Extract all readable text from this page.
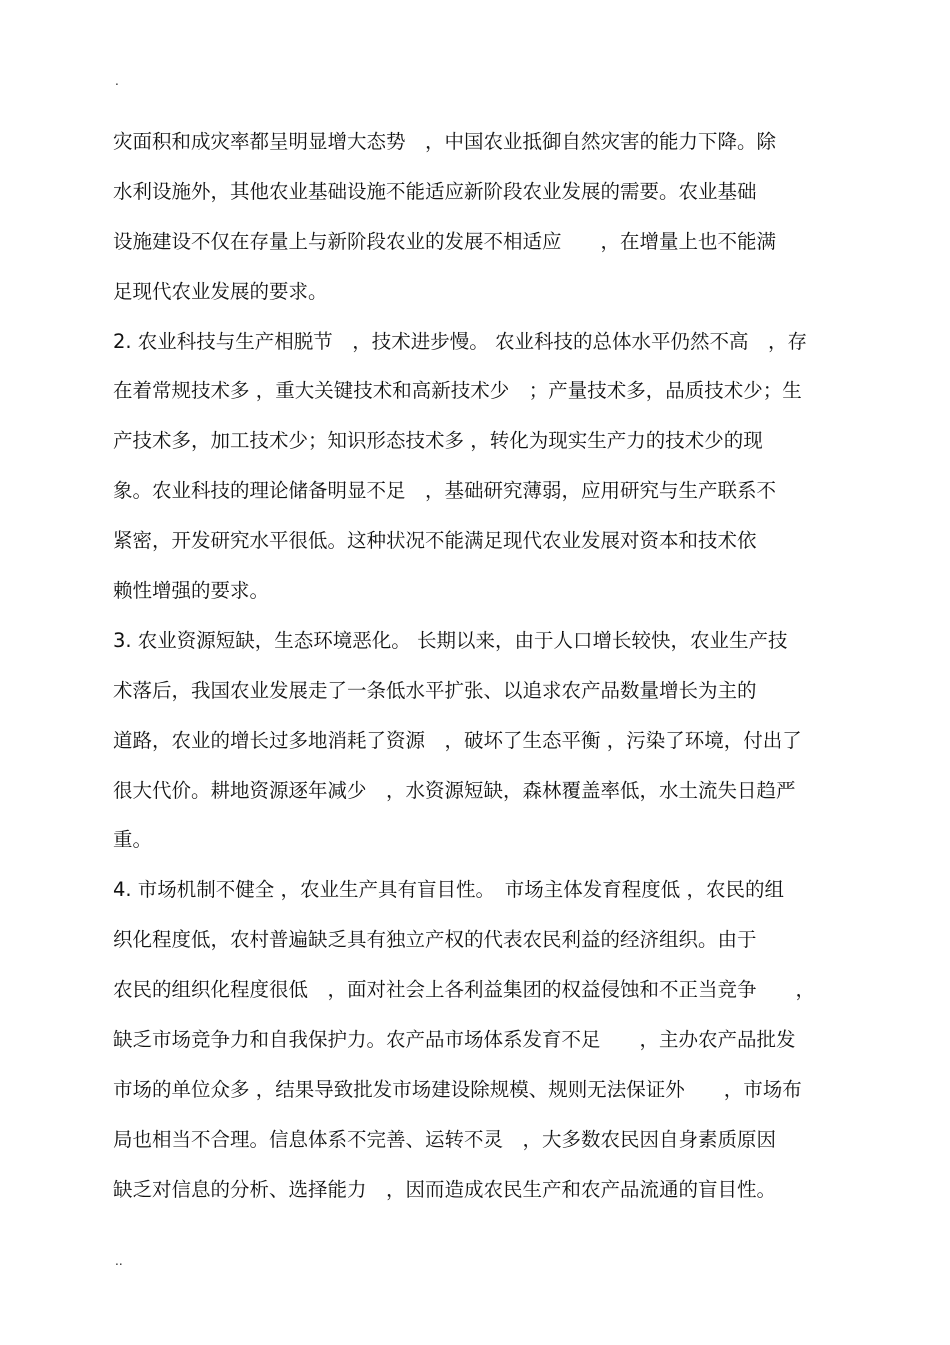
.

灾面积和成灾率都呈明显增大态势　，中国农业抵御自然灾害的能力下降。除

水利设施外，其他农业基础设施不能适应新阶段农业发展的需要。农业基础

设施建设不仅在存量上与新阶段农业的发展不相适应　　，在增量上也不能满

足现代农业发展的要求。

2. 农业科技与生产相脱节　，技术进步慢。 农业科技的总体水平仍然不高　，存

在着常规技术多 ，重大关键技术和高新技术少　；产量技术多，品质技术少；生

产技术多，加工技术少；知识形态技术多 ，转化为现实生产力的技术少的现

象。农业科技的理论储备明显不足　，基础研究薄弱，应用研究与生产联系不

紧密，开发研究水平很低。这种状况不能满足现代农业发展对资本和技术依

赖性增强的要求。

3. 农业资源短缺，生态环境恶化。 长期以来，由于人口增长较快，农业生产技

术落后，我国农业发展走了一条低水平扩张、以追求农产品数量增长为主的

道路，农业的增长过多地消耗了资源　，破坏了生态平衡 ，污染了环境，付出了

很大代价。耕地资源逐年减少　，水资源短缺，森林覆盖率低，水土流失日趋严

重。

4. 市场机制不健全 ，农业生产具有盲目性。　市场主体发育程度低 ，农民的组

织化程度低，农村普遍缺乏具有独立产权的代表农民利益的经济组织。由于

农民的组织化程度很低　，面对社会上各利益集团的权益侵蚀和不正当竞争　　，

缺乏市场竞争力和自我保护力。农产品市场体系发育不足　　，主办农产品批发

市场的单位众多 ，结果导致批发市场建设除规模、规则无法保证外　　，市场布

局也相当不合理。信息体系不完善、运转不灵　，大多数农民因自身素质原因

缺乏对信息的分析、选择能力　，因而造成农民生产和农产品流通的盲目性。

..
